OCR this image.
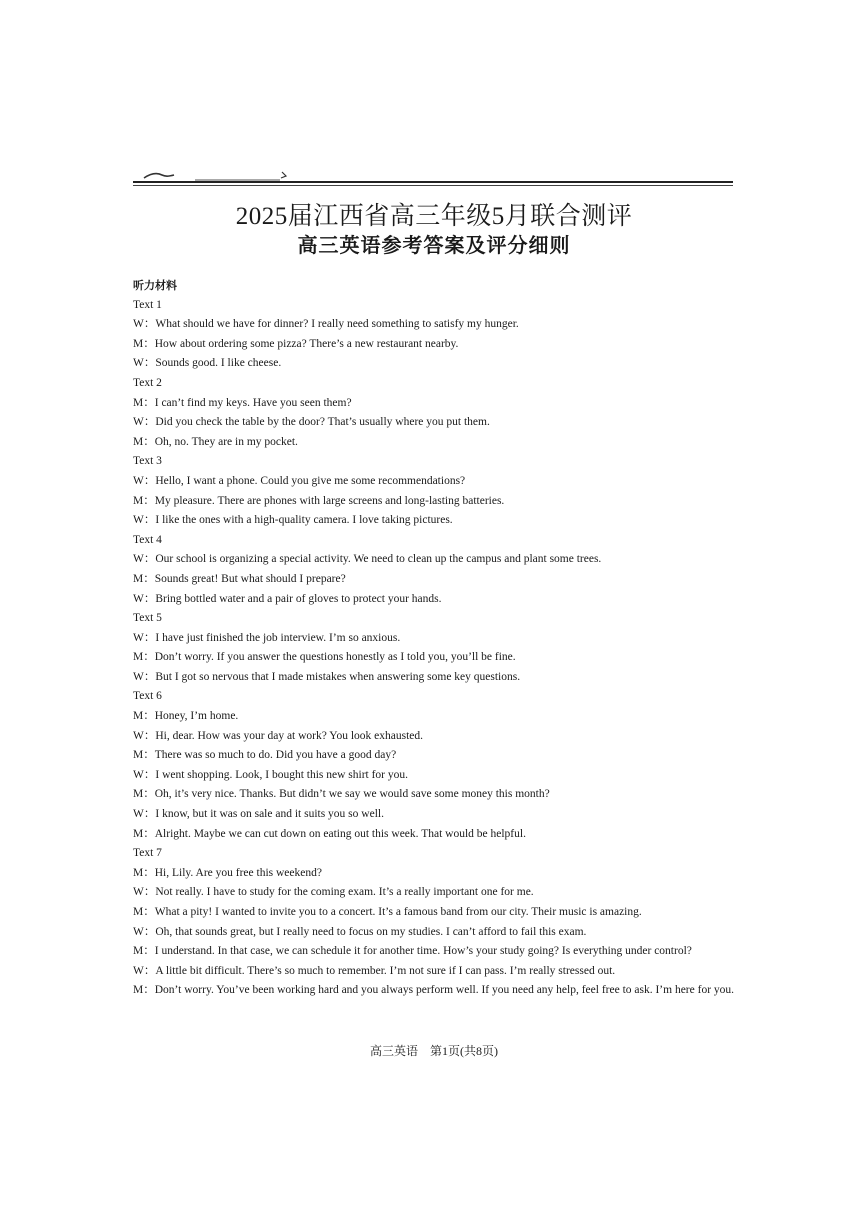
2025届江西省高三年级5月联合测评
高三英语参考答案及评分细则
听力材料
Text 1
W：What should we have for dinner? I really need something to satisfy my hunger.
M：How about ordering some pizza? There’s a new restaurant nearby.
W：Sounds good. I like cheese.
Text 2
M：I can’t find my keys. Have you seen them?
W：Did you check the table by the door? That’s usually where you put them.
M：Oh, no. They are in my pocket.
Text 3
W：Hello, I want a phone. Could you give me some recommendations?
M：My pleasure. There are phones with large screens and long-lasting batteries.
W：I like the ones with a high-quality camera. I love taking pictures.
Text 4
W：Our school is organizing a special activity. We need to clean up the campus and plant some trees.
M：Sounds great! But what should I prepare?
W：Bring bottled water and a pair of gloves to protect your hands.
Text 5
W：I have just finished the job interview. I’m so anxious.
M：Don’t worry. If you answer the questions honestly as I told you, you’ll be fine.
W：But I got so nervous that I made mistakes when answering some key questions.
Text 6
M：Honey, I’m home.
W：Hi, dear. How was your day at work? You look exhausted.
M：There was so much to do. Did you have a good day?
W：I went shopping. Look, I bought this new shirt for you.
M：Oh, it’s very nice. Thanks. But didn’t we say we would save some money this month?
W：I know, but it was on sale and it suits you so well.
M：Alright. Maybe we can cut down on eating out this week. That would be helpful.
Text 7
M：Hi, Lily. Are you free this weekend?
W：Not really. I have to study for the coming exam. It’s a really important one for me.
M：What a pity! I wanted to invite you to a concert. It’s a famous band from our city. Their music is amazing.
W：Oh, that sounds great, but I really need to focus on my studies. I can’t afford to fail this exam.
M：I understand. In that case, we can schedule it for another time. How’s your study going? Is everything under control?
W：A little bit difficult. There’s so much to remember. I’m not sure if I can pass. I’m really stressed out.
M：Don’t worry. You’ve been working hard and you always perform well. If you need any help, feel free to ask. I’m here for you.
高三英语　第1页(共8页)
